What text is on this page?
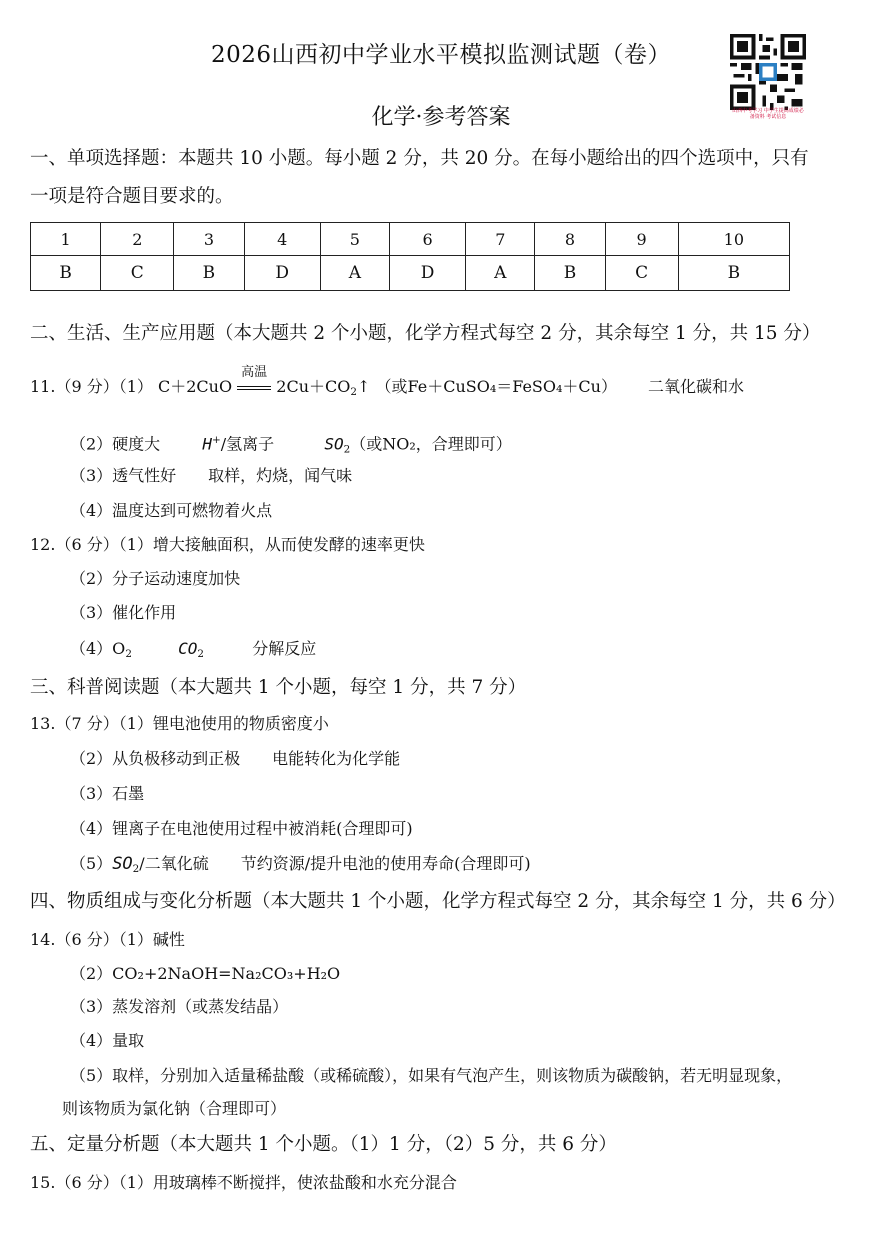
2026山西初中学业水平模拟监测试题（卷）
山西中考学习 中学生提高成绩必备资料 考试信息
化学·参考答案
一、单项选择题：本题共 10 小题。每小题 2 分，共 20 分。在每小题给出的四个选项中，只有
一项是符合题目要求的。
1	2	3	4	5	6	7	8	9	10
B	C	B	D	A	D	A	B	C	B
二、生活、生产应用题（本大题共 2 个小题，化学方程式每空 2 分，其余每空 1 分，共 15 分）
11.（9 分）（1） C＋2CuO
高温
$2Cu+CO_2↑$ （或Fe＋CuSO₄＝FeSO₄＋Cu） 二氧化碳和水
（2）硬度大	H+/氢离子	$SO_2$（或NO₂，合理即可）
（3）透气性好　　取样，灼烧，闻气味
（4）温度达到可燃物着火点
12.（6 分）（1）增大接触面积，从而使发酵的速率更快
（2）分子运动速度加快
（3）催化作用
$(4)O_2$	$CO_2$	分解反应
三、科普阅读题（本大题共 1 个小题，每空 1 分，共 7 分）
13.（7 分）（1）锂电池使用的物质密度小
（2）从负极移动到正极　　电能转化为化学能
（3）石墨
（4）锂离子在电池使用过程中被消耗(合理即可)
$(5)SO_2/$二氧化硫　　节约资源/提升电池的使用寿命(合理即可)
四、物质组成与变化分析题（本大题共 1 个小题，化学方程式每空 2 分，其余每空 1 分，共 6 分）
14.（6 分）（1）碱性
（2）CO₂+2NaOH=Na₂CO₃+H₂O
（3）蒸发溶剂（或蒸发结晶）
（4）量取
（5）取样，分别加入适量稀盐酸（或稀硫酸），如果有气泡产生，则该物质为碳酸钠，若无明显现象，
则该物质为氯化钠（合理即可）
五、定量分析题（本大题共 1 个小题。（1）1 分，（2）5 分，共 6 分）
15.（6 分）（1）用玻璃棒不断搅拌，使浓盐酸和水充分混合
